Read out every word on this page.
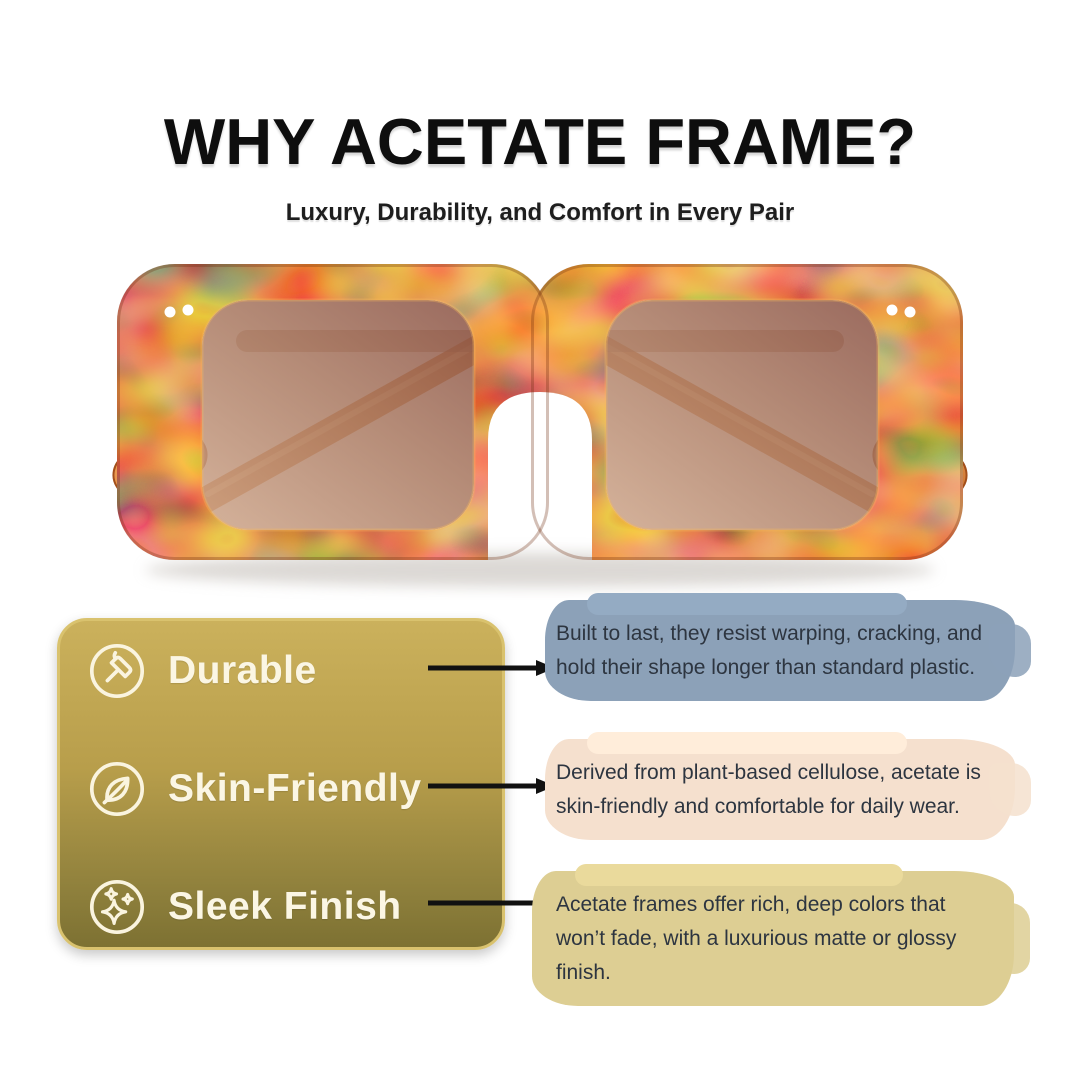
WHY ACETATE FRAME?
Luxury, Durability, and Comfort in Every Pair
Durable
Skin-Friendly
Sleek Finish
Built to last, they resist warping, cracking, and hold their shape longer than standard plastic.
Derived from plant-based cellulose, acetate is skin-friendly and comfortable for daily wear.
Acetate frames offer rich, deep colors that won’t fade, with a luxurious matte or glossy finish.
